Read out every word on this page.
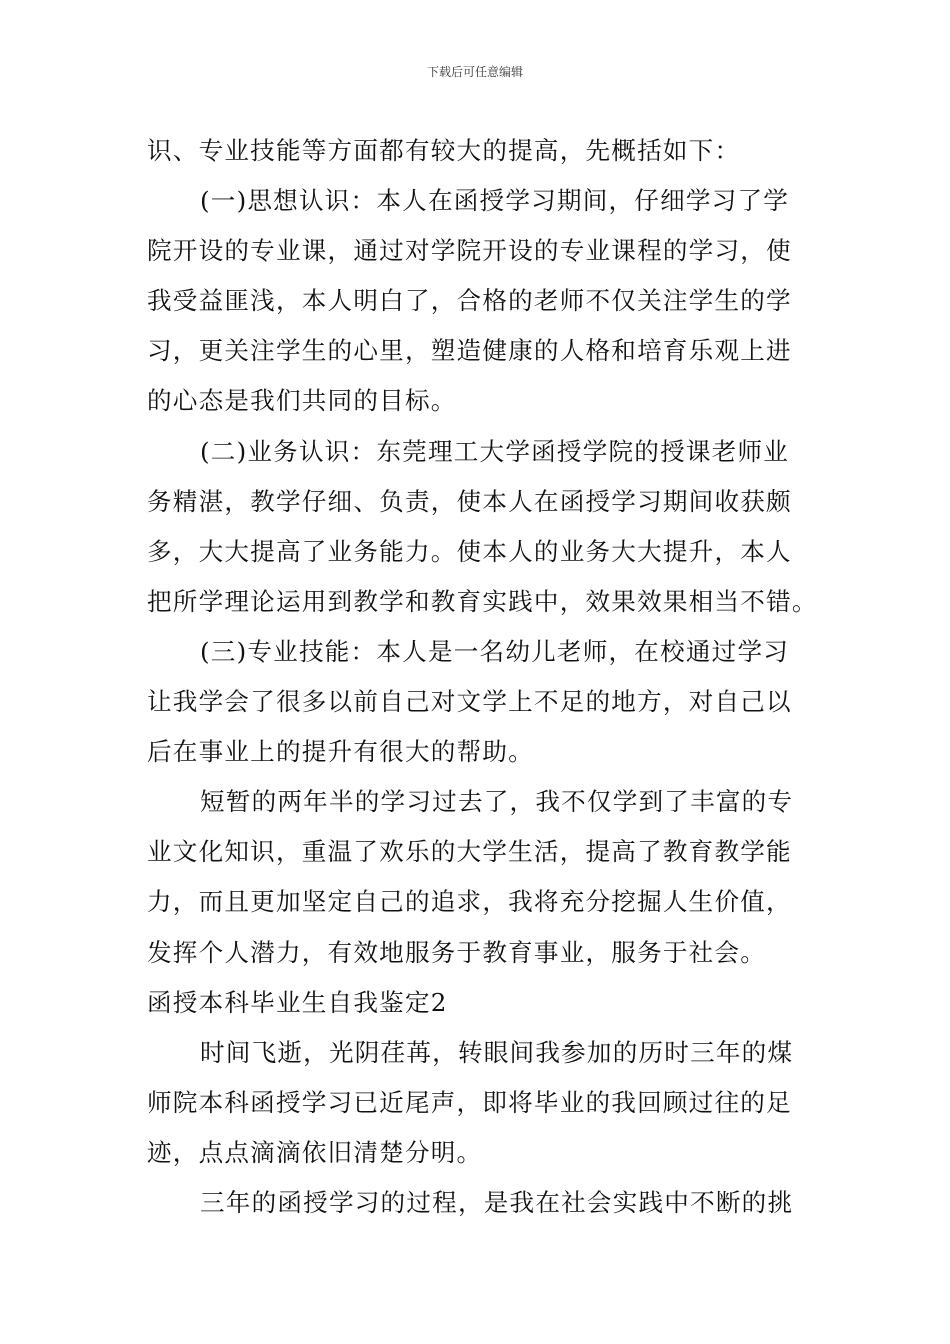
下载后可任意编辑
识、专业技能等方面都有较大的提高，先概括如下：
(一)思想认识：本人在函授学习期间，仔细学习了学
院开设的专业课，通过对学院开设的专业课程的学习，使
我受益匪浅，本人明白了，合格的老师不仅关注学生的学
习，更关注学生的心里，塑造健康的人格和培育乐观上进
的心态是我们共同的目标。
(二)业务认识：东莞理工大学函授学院的授课老师业
务精湛，教学仔细、负责，使本人在函授学习期间收获颇
多，大大提高了业务能力。使本人的业务大大提升，本人
把所学理论运用到教学和教育实践中，效果效果相当不错。
(三)专业技能：本人是一名幼儿老师，在校通过学习
让我学会了很多以前自己对文学上不足的地方，对自己以
后在事业上的提升有很大的帮助。
短暂的两年半的学习过去了，我不仅学到了丰富的专
业文化知识，重温了欢乐的大学生活，提高了教育教学能
力，而且更加坚定自己的追求，我将充分挖掘人生价值，
发挥个人潜力，有效地服务于教育事业，服务于社会。
函授本科毕业生自我鉴定2
时间飞逝，光阴荏苒，转眼间我参加的历时三年的煤
师院本科函授学习已近尾声，即将毕业的我回顾过往的足
迹，点点滴滴依旧清楚分明。
三年的函授学习的过程，是我在社会实践中不断的挑
